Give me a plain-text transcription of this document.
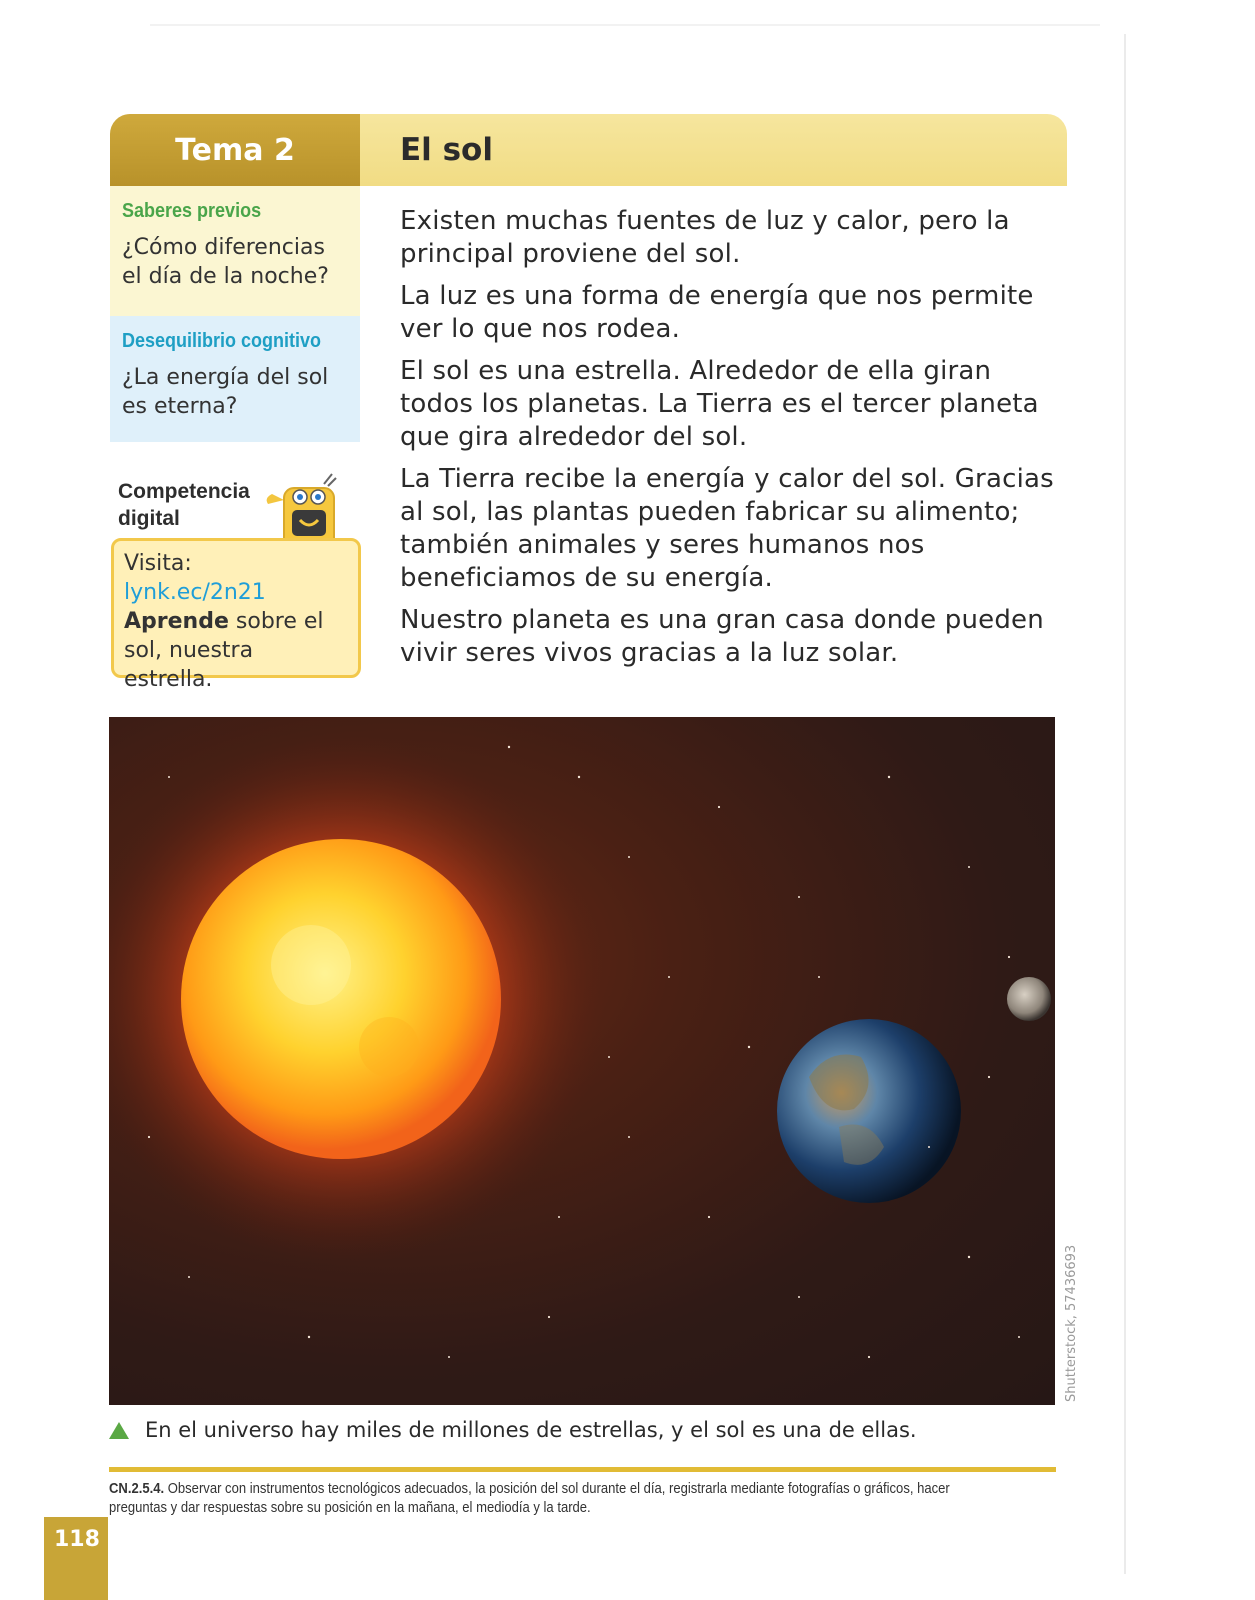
Tema 2	El sol
Saberes previos
¿Cómo diferencias el día de la noche?
Desequilibrio cognitivo
¿La energía del sol es eterna?
Competencia digital
Visita:
lynk.ec/2n21
Aprende sobre el sol, nuestra estrella.

Existen muchas fuentes de luz y calor, pero la principal proviene del sol.

La luz es una forma de energía que nos permite ver lo que nos rodea.

El sol es una estrella. Alrededor de ella giran todos los planetas. La Tierra es el tercer planeta que gira alrededor del sol.

La Tierra recibe la energía y calor del sol. Gracias al sol, las plantas pueden fabricar su alimento; también animales y seres humanos nos beneficiamos de su energía.

Nuestro planeta es una gran casa donde pueden vivir seres vivos gracias a la luz solar.

Shutterstock, 57436693
En el universo hay miles de millones de estrellas, y el sol es una de ellas.
CN.2.5.4. Observar con instrumentos tecnológicos adecuados, la posición del sol durante el día, registrarla mediante fotografías o gráficos, hacer preguntas y dar respuestas sobre su posición en la mañana, el mediodía y la tarde.
118
